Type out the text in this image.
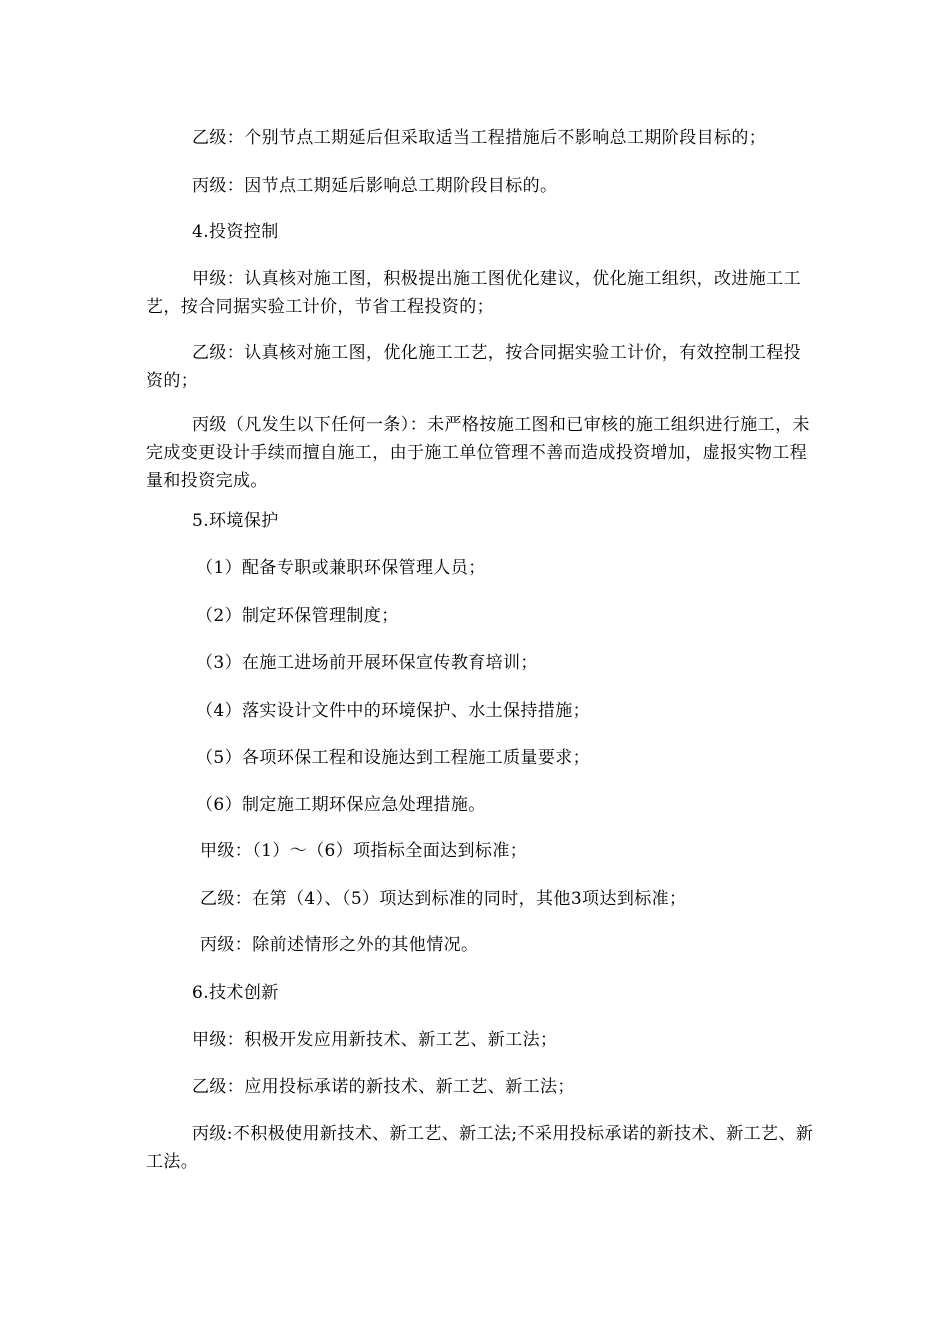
乙级：个别节点工期延后但采取适当工程措施后不影响总工期阶段目标的；

丙级：因节点工期延后影响总工期阶段目标的。

4.投资控制

甲级：认真核对施工图，积极提出施工图优化建议，优化施工组织，改进施工工艺，按合同据实验工计价，节省工程投资的；

乙级：认真核对施工图，优化施工工艺，按合同据实验工计价，有效控制工程投资的；

丙级（凡发生以下任何一条）：未严格按施工图和已审核的施工组织进行施工，未完成变更设计手续而擅自施工，由于施工单位管理不善而造成投资增加，虚报实物工程量和投资完成。

5.环境保护

（1）配备专职或兼职环保管理人员；

（2）制定环保管理制度；

（3）在施工进场前开展环保宣传教育培训；

（4）落实设计文件中的环境保护、水土保持措施；

（5）各项环保工程和设施达到工程施工质量要求；

（6）制定施工期环保应急处理措施。

甲级：（1）～（6）项指标全面达到标准；

乙级：在第（4）、（5）项达到标准的同时，其他3项达到标准；

丙级：除前述情形之外的其他情况。

6.技术创新

甲级：积极开发应用新技术、新工艺、新工法；

乙级：应用投标承诺的新技术、新工艺、新工法；

丙级:不积极使用新技术、新工艺、新工法;不采用投标承诺的新技术、新工艺、新工法。
